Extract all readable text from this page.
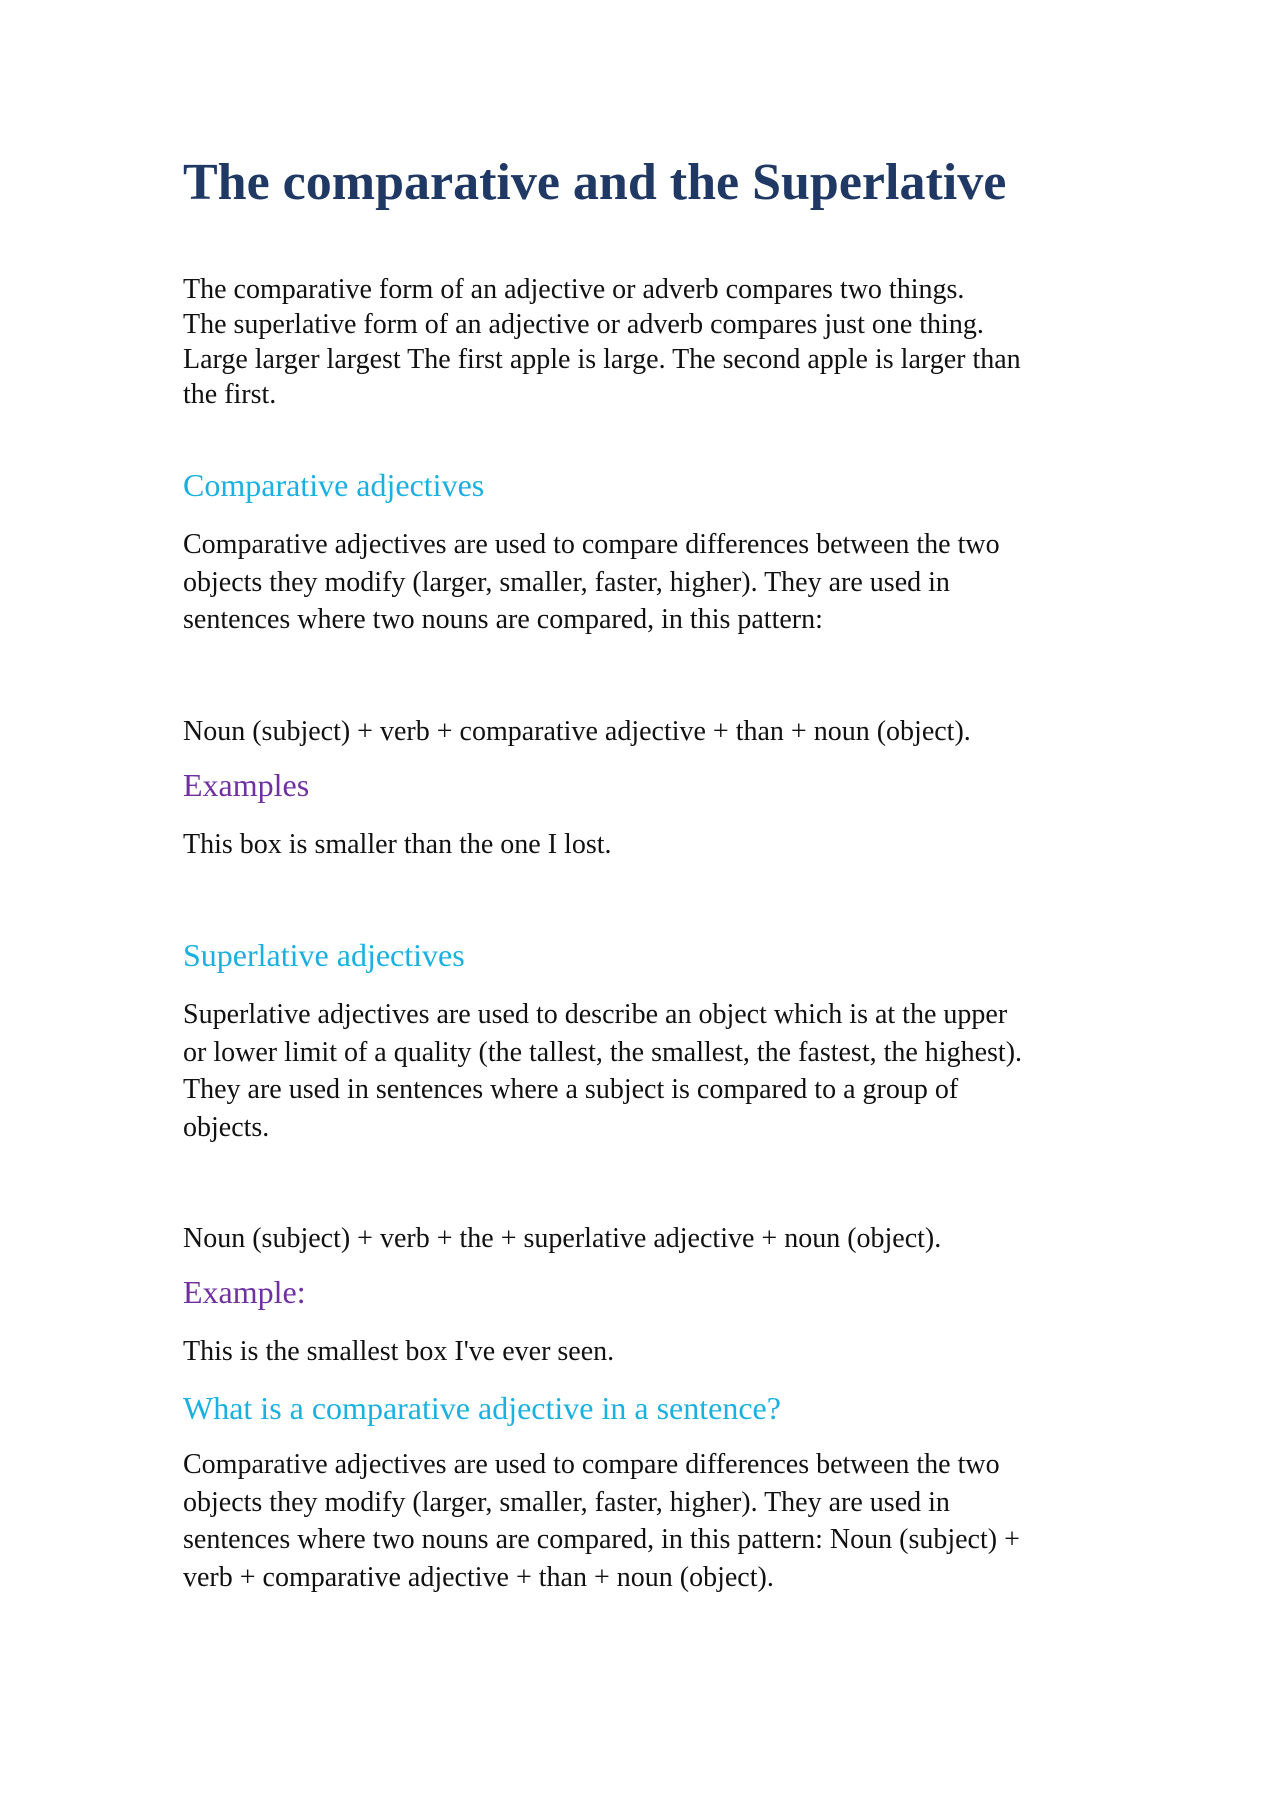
The comparative and the Superlative
The comparative form of an adjective or adverb compares two things.
The superlative form of an adjective or adverb compares just one thing.
Large larger largest The first apple is large. The second apple is larger than
the first.
Comparative adjectives
Comparative adjectives are used to compare differences between the two
objects they modify (larger, smaller, faster, higher). They are used in
sentences where two nouns are compared, in this pattern:

Noun (subject) + verb + comparative adjective + than + noun (object).

Examples

This box is smaller than the one I lost.

Superlative adjectives
Superlative adjectives are used to describe an object which is at the upper
or lower limit of a quality (the tallest, the smallest, the fastest, the highest).
They are used in sentences where a subject is compared to a group of
objects.

Noun (subject) + verb + the + superlative adjective + noun (object).

Example:

This is the smallest box I've ever seen.

What is a comparative adjective in a sentence?
Comparative adjectives are used to compare differences between the two
objects they modify (larger, smaller, faster, higher). They are used in
sentences where two nouns are compared, in this pattern: Noun (subject) +
verb + comparative adjective + than + noun (object).
